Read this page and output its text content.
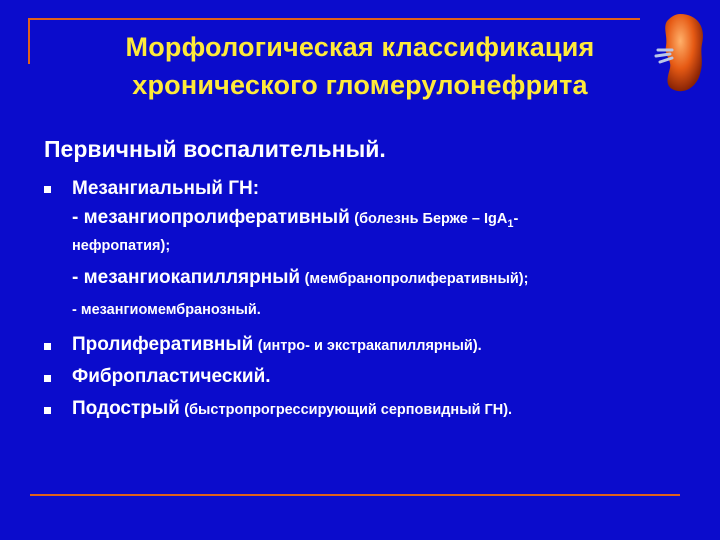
Морфологическая классификация
хронического гломерулонефрита
Первичный воспалительный.
Мезангиальный ГН:
- мезангиопролиферативный (болезнь Берже – IgA$_1$-
нефропатия);
- мезангиокапиллярный (мембранопролиферативный);
- мезангиомембранозный.
Пролиферативный (интро- и экстракапиллярный).
Фибропластический.
Подострый (быстропрогрессирующий серповидный ГН).
